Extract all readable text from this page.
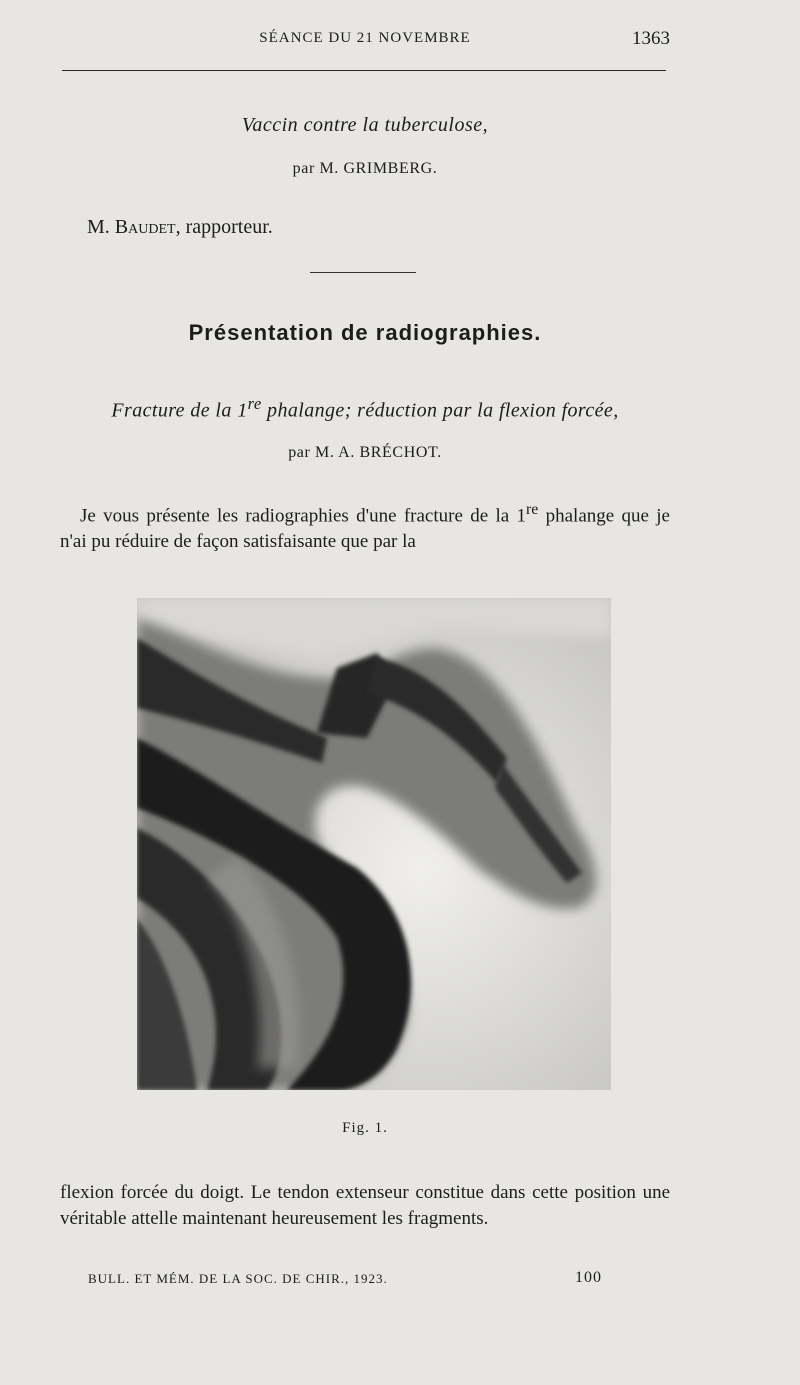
SÉANCE DU 21 NOVEMBRE	1363
Vaccin contre la tuberculose,
par M. GRIMBERG.
M. Baudet, rapporteur.
Présentation de radiographies.
Fracture de la 1re phalange; réduction par la flexion forcée,
par M. A. BRÉCHOT.
Je vous présente les radiographies d'une fracture de la 1re phalange que je n'ai pu réduire de façon satisfaisante que par la
Fig. 1.
flexion forcée du doigt. Le tendon extenseur constitue dans cette position une véritable attelle maintenant heureusement les fragments.
BULL. ET MÉM. DE LA SOC. DE CHIR., 1923.	100
